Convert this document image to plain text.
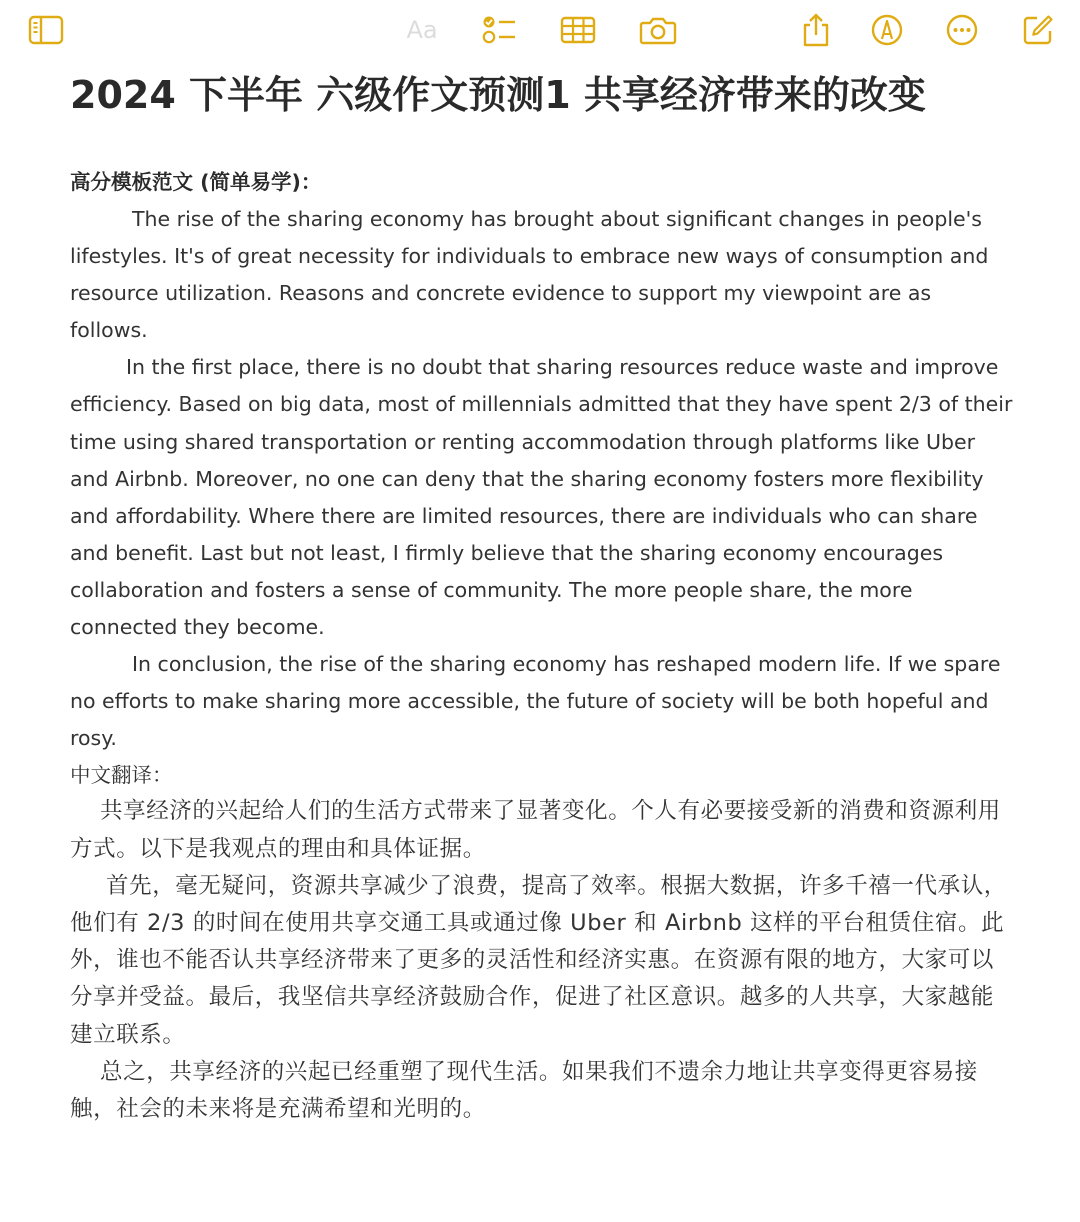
Aa
2024 下半年 六级作文预测1 共享经济带来的改变
高分模板范文 (简单易学)：

The rise of the sharing economy has brought about significant changes in people's lifestyles. It's of great necessity for individuals to embrace new ways of consumption and resource utilization. Reasons and concrete evidence to support my viewpoint are as follows.

In the first place, there is no doubt that sharing resources reduce waste and improve efficiency. Based on big data, most of millennials admitted that they have spent 2/3 of their time using shared transportation or renting accommodation through platforms like Uber and Airbnb. Moreover, no one can deny that the sharing economy fosters more flexibility and affordability. Where there are limited resources, there are individuals who can share and benefit. Last but not least, I firmly believe that the sharing economy encourages collaboration and fosters a sense of community. The more people share, the more connected they become.

In conclusion, the rise of the sharing economy has reshaped modern life. If we spare no efforts to make sharing more accessible, the future of society will be both hopeful and rosy.

中文翻译：

共享经济的兴起给人们的生活方式带来了显著变化。个人有必要接受新的消费和资源利用方式。以下是我观点的理由和具体证据。

首先，毫无疑问，资源共享减少了浪费，提高了效率。根据大数据，许多千禧一代承认，他们有 2/3 的时间在使用共享交通工具或通过像 Uber 和 Airbnb 这样的平台租赁住宿。此外，谁也不能否认共享经济带来了更多的灵活性和经济实惠。在资源有限的地方，大家可以分享并受益。最后，我坚信共享经济鼓励合作，促进了社区意识。越多的人共享，大家越能建立联系。

总之，共享经济的兴起已经重塑了现代生活。如果我们不遗余力地让共享变得更容易接触，社会的未来将是充满希望和光明的。
